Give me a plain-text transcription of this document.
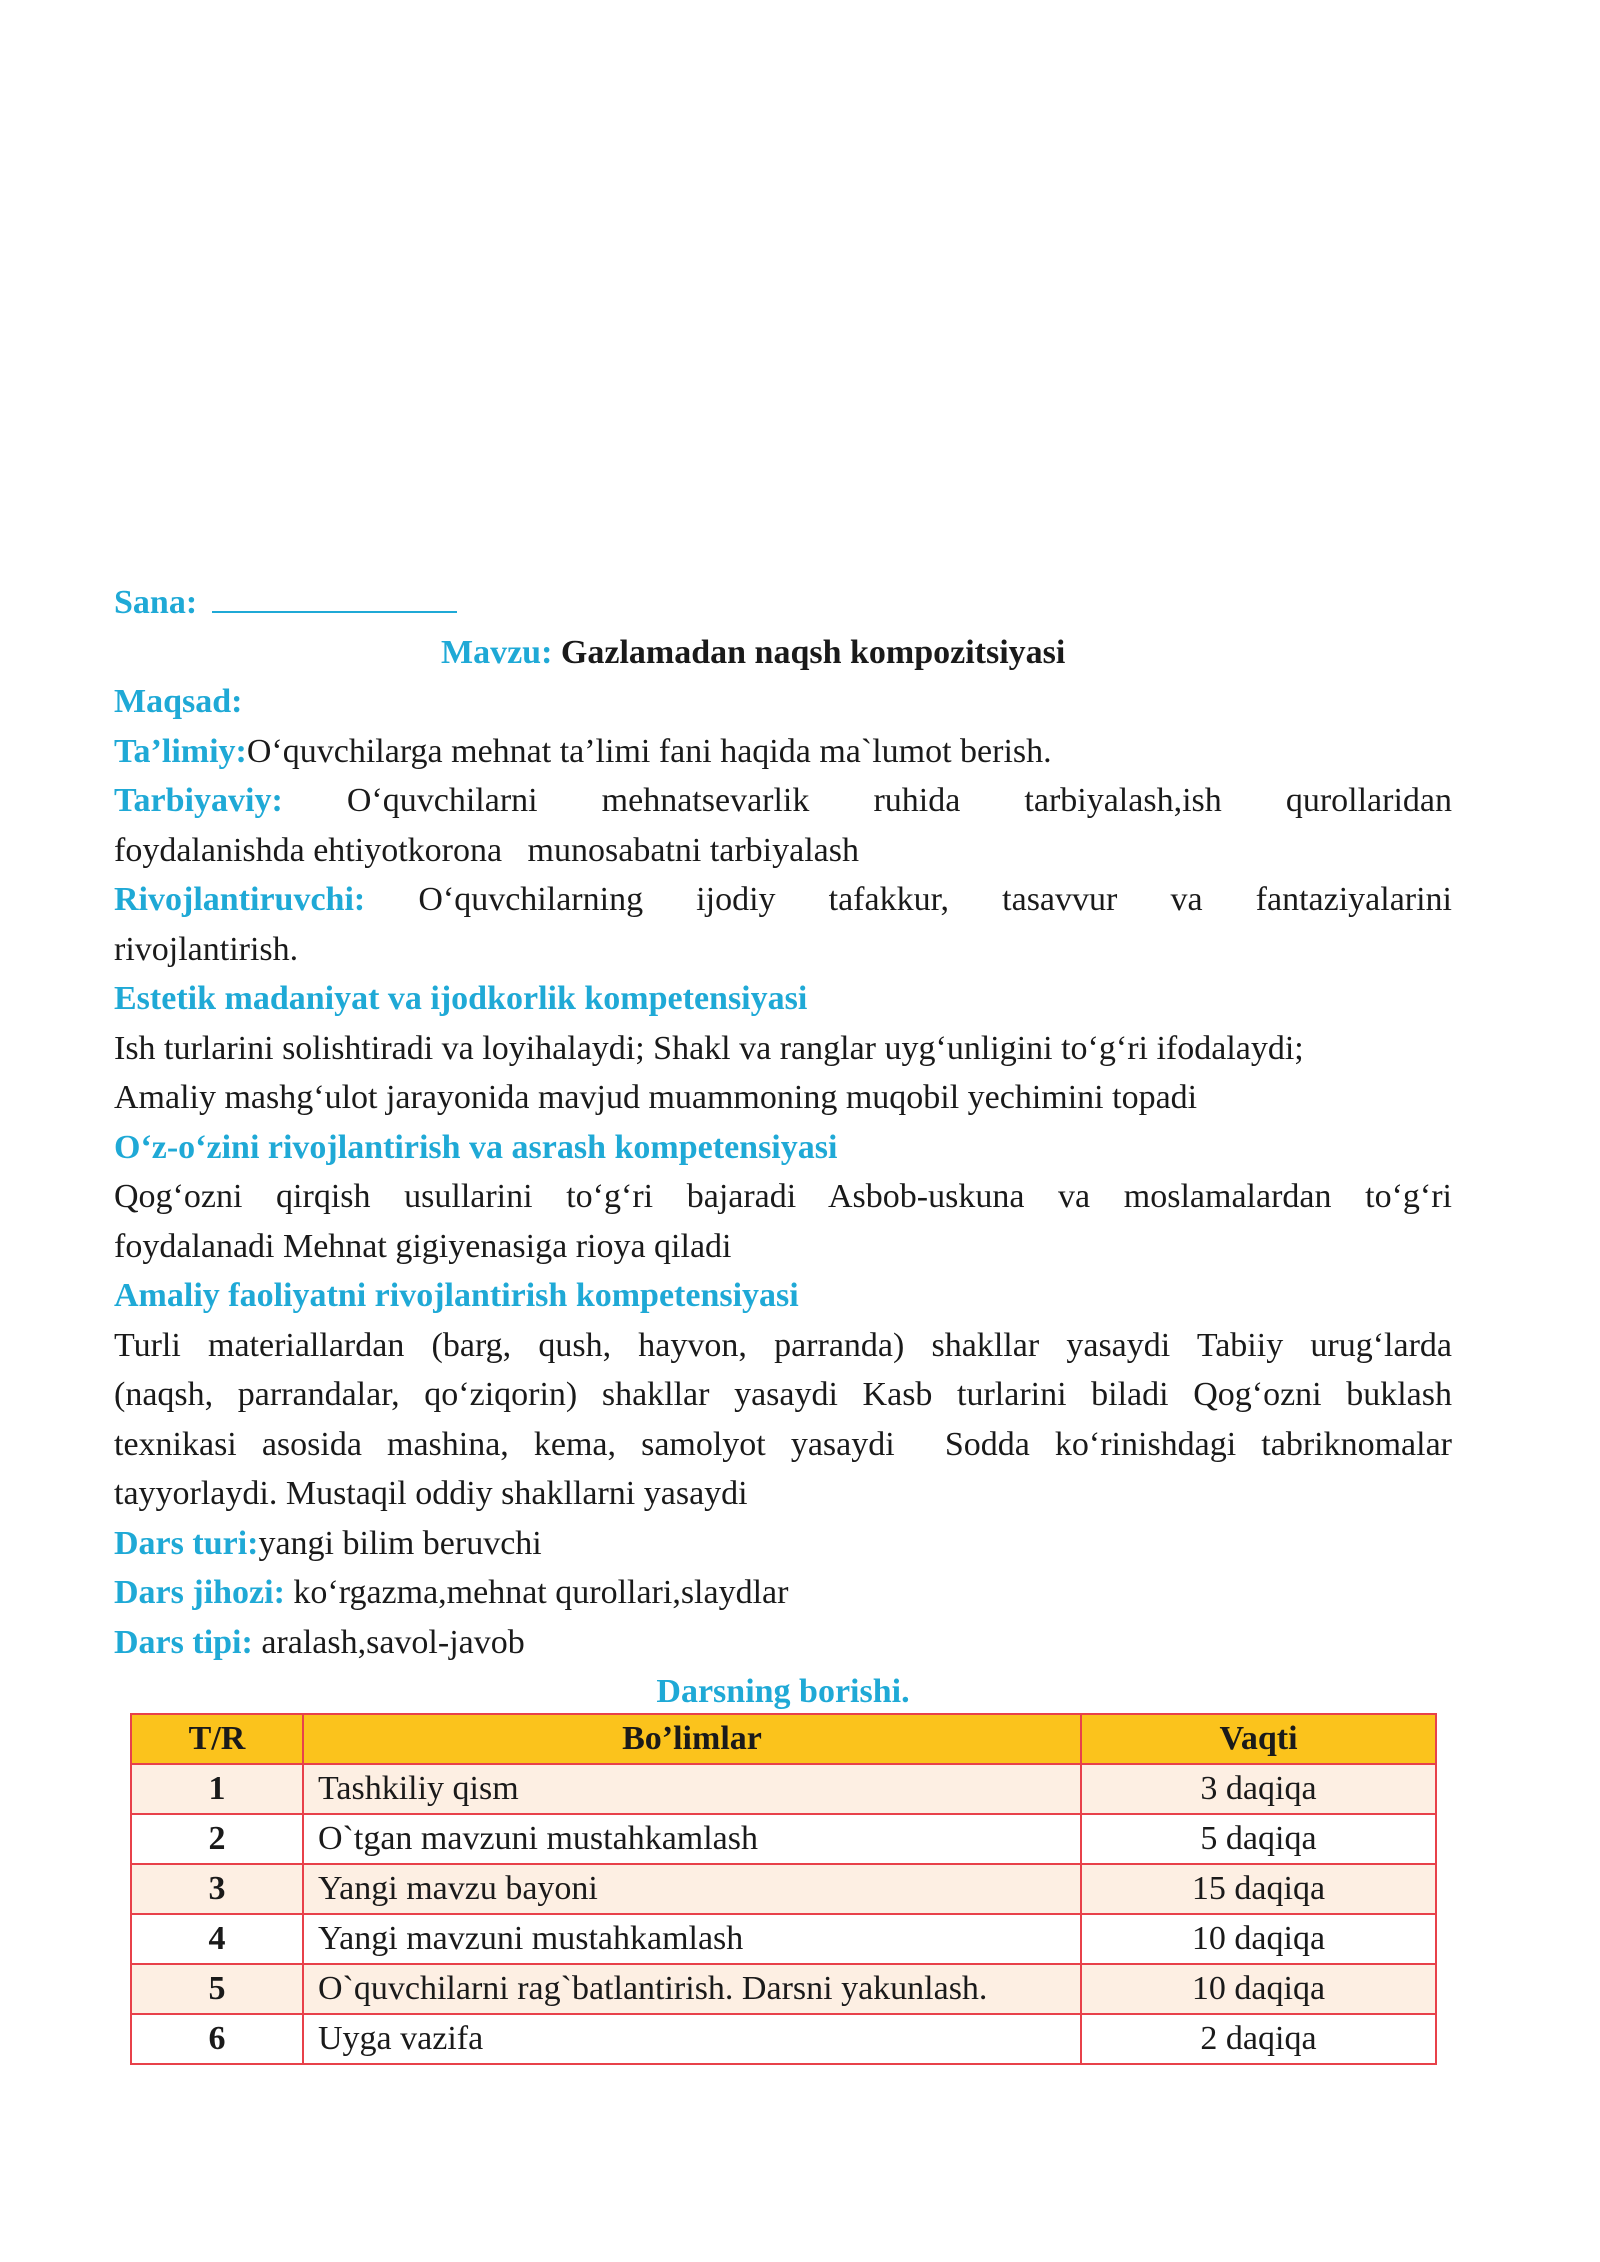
Sana:
Mavzu: Gazlamadan naqsh kompozitsiyasi
Maqsad:
Ta’limiy:O‘quvchilarga mehnat ta’limi fani haqida ma`lumot berish.
Tarbiyaviy: O‘quvchilarni mehnatsevarlik ruhida tarbiyalash,ish qurollaridan
foydalanishda ehtiyotkorona   munosabatni tarbiyalash
Rivojlantiruvchi: O‘quvchilarning ijodiy tafakkur, tasavvur va fantaziyalarini
rivojlantirish.
Estetik madaniyat va ijodkorlik kompetensiyasi
Ish turlarini solishtiradi va loyihalaydi; Shakl va ranglar uyg‘unligini to‘g‘ri ifodalaydi;
Amaliy mashg‘ulot jarayonida mavjud muammoning muqobil yechimini topadi
O‘z-o‘zini rivojlantirish va asrash kompetensiyasi
Qog‘ozni qirqish usullarini to‘g‘ri bajaradi Asbob-uskuna va moslamalardan to‘g‘ri
foydalanadi Mehnat gigiyenasiga rioya qiladi
Amaliy faoliyatni rivojlantirish kompetensiyasi
Turli materiallardan (barg, qush, hayvon, parranda) shakllar yasaydi Tabiiy urug‘larda
(naqsh, parrandalar, qo‘ziqorin) shakllar yasaydi Kasb turlarini biladi Qog‘ozni buklash
texnikasi asosida mashina, kema, samolyot yasaydi  Sodda ko‘rinishdagi tabriknomalar
tayyorlaydi. Mustaqil oddiy shakllarni yasaydi
Dars turi:yangi bilim beruvchi
Dars jihozi: ko‘rgazma,mehnat qurollari,slaydlar
Dars tipi: aralash,savol-javob
Darsning borishi.
T/R	Bo’limlar	Vaqti
1	Tashkiliy qism	3 daqiqa
2	O`tgan mavzuni mustahkamlash	5 daqiqa
3	Yangi mavzu bayoni	15 daqiqa
4	Yangi mavzuni mustahkamlash	10 daqiqa
5	O`quvchilarni rag`batlantirish. Darsni yakunlash.	10 daqiqa
6	Uyga vazifa	2 daqiqa
